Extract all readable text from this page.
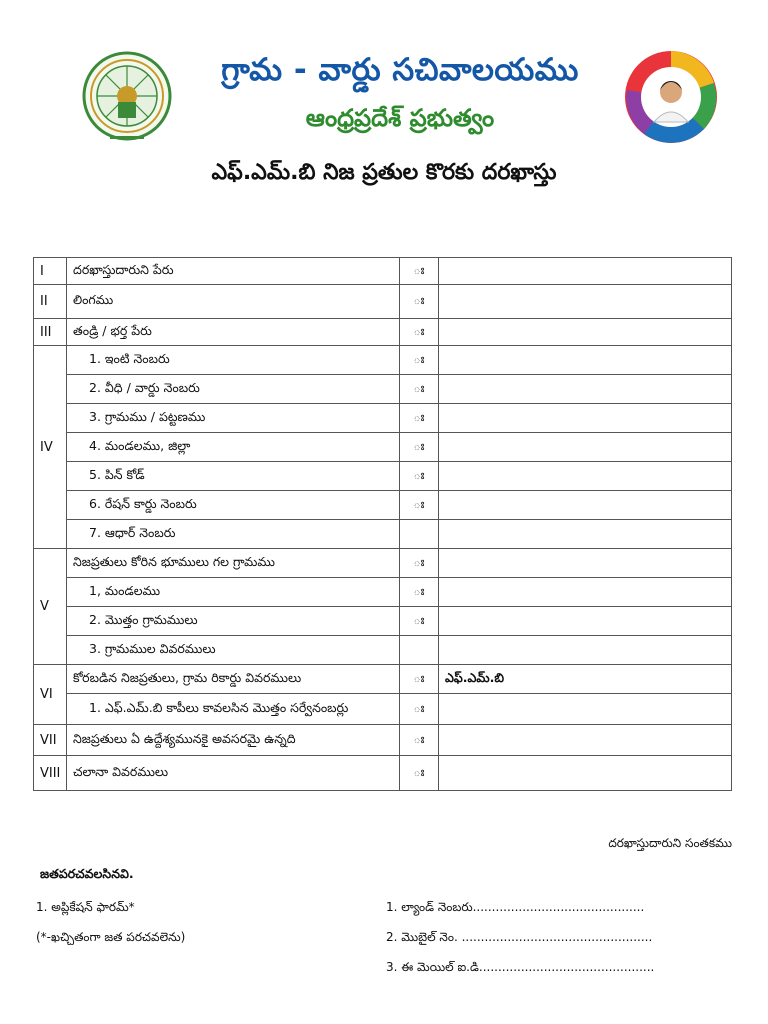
గ్రామ - వార్డు సచివాలయము
ఆంధ్రప్రదేశ్ ప్రభుత్వం
ఎఫ్.ఎమ్.బి నిజ ప్రతుల కొరకు దరఖాస్తు
I	దరఖాస్తుదారుని పేరు	ః	
II	లింగము	ః	
III	తండ్రి / భర్త పేరు	ః	
IV	1. ఇంటి నెంబరు	ః	
	2. వీధి / వార్డు నెంబరు	ః	
	3. గ్రామము / పట్టణము	ః	
	4. మండలము, జిల్లా	ః	
	5. పిన్ కోడ్	ః	
	6. రేషన్ కార్డు నెంబరు	ః	
	7. ఆధార్ నెంబరు		
V	నిజప్రతులు కోరిన భూములు గల గ్రామము	ః	
	1, మండలము	ః	
	2. మొత్తం గ్రామములు	ః	
	3. గ్రామముల వివరములు		
VI	కోరబడిన నిజప్రతులు, గ్రామ రికార్డు వివరములు	ః	ఎఫ్.ఎమ్.బి
	1. ఎఫ్.ఎమ్.బి కాపీలు కావలసిన మొత్తం సర్వేనంబర్లు	ః	
VII	నిజప్రతులు ఏ ఉద్దేశ్యమునకై అవసరమై ఉన్నది	ః	
VIII	చలానా వివరములు	ః	
దరఖాస్తుదారుని సంతకము
జతపరచవలసినవి.
1. అప్లికేషన్ ఫారమ్*
(*-ఖచ్చితంగా జత పరచవలెను)
1. ల్యాండ్ నెంబరు.............................................
2. మొబైల్ నెం. ..................................................
3. ఈ మెయిల్ ఐ.డి..............................................
